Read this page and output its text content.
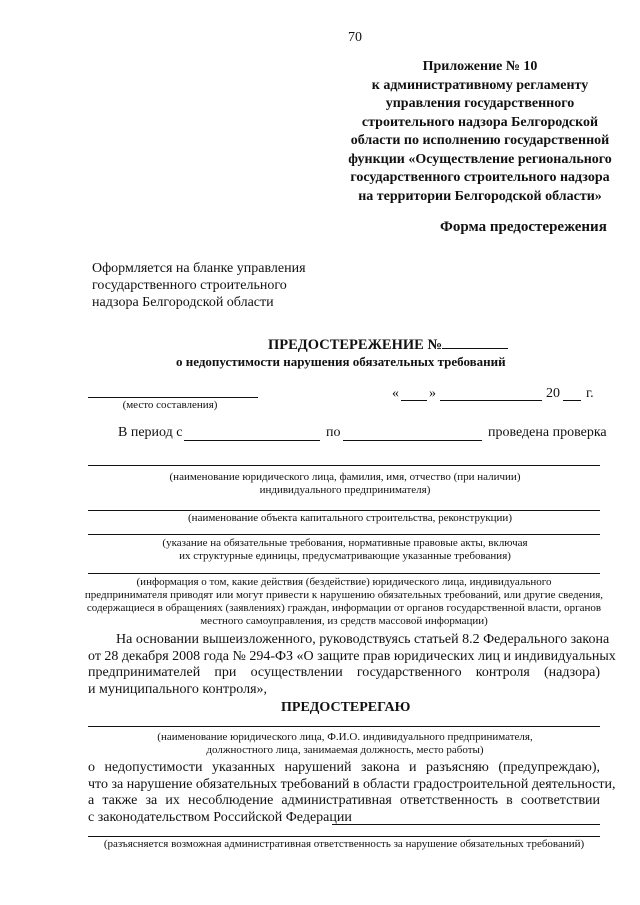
70
Приложение № 10
к административному регламенту
управления государственного
строительного надзора Белгородской
области по исполнению государственной
функции «Осуществление регионального
государственного строительного надзора
на территории Белгородской области»
Форма предостережения
Оформляется на бланке управления
государственного строительного
надзора Белгородской области
ПРЕДОСТЕРЕЖЕНИЕ №
о недопустимости нарушения обязательных требований
(место составления)
« »	20 г.
В период с	по	проведена проверка
(наименование юридического лица, фамилия, имя, отчество (при наличии)
индивидуального предпринимателя)
(наименование объекта капитального строительства, реконструкции)
(указание на обязательные требования, нормативные правовые акты, включая
их структурные единицы, предусматривающие указанные требования)
(информация о том, какие действия (бездействие) юридического лица, индивидуального
предпринимателя приводят или могут привести к нарушению обязательных требований, или другие сведения,
содержащиеся в обращениях (заявлениях) граждан, информации от органов государственной власти, органов
местного самоуправления, из средств массовой информации)
На основании вышеизложенного, руководствуясь статьей 8.2 Федерального закона
от 28 декабря 2008 года № 294-ФЗ «О защите прав юридических лиц и индивидуальных
предпринимателей при осуществлении государственного контроля (надзора)
и муниципального контроля»,
ПРЕДОСТЕРЕГАЮ
(наименование юридического лица, Ф.И.О. индивидуального предпринимателя,
должностного лица, занимаемая должность, место работы)
о недопустимости указанных нарушений закона и разъясняю (предупреждаю),
что за нарушение обязательных требований в области градостроительной деятельности,
а также за их несоблюдение административная ответственность в соответствии
с законодательством Российской Федерации
(разъясняется возможная административная ответственность за нарушение обязательных требований)
